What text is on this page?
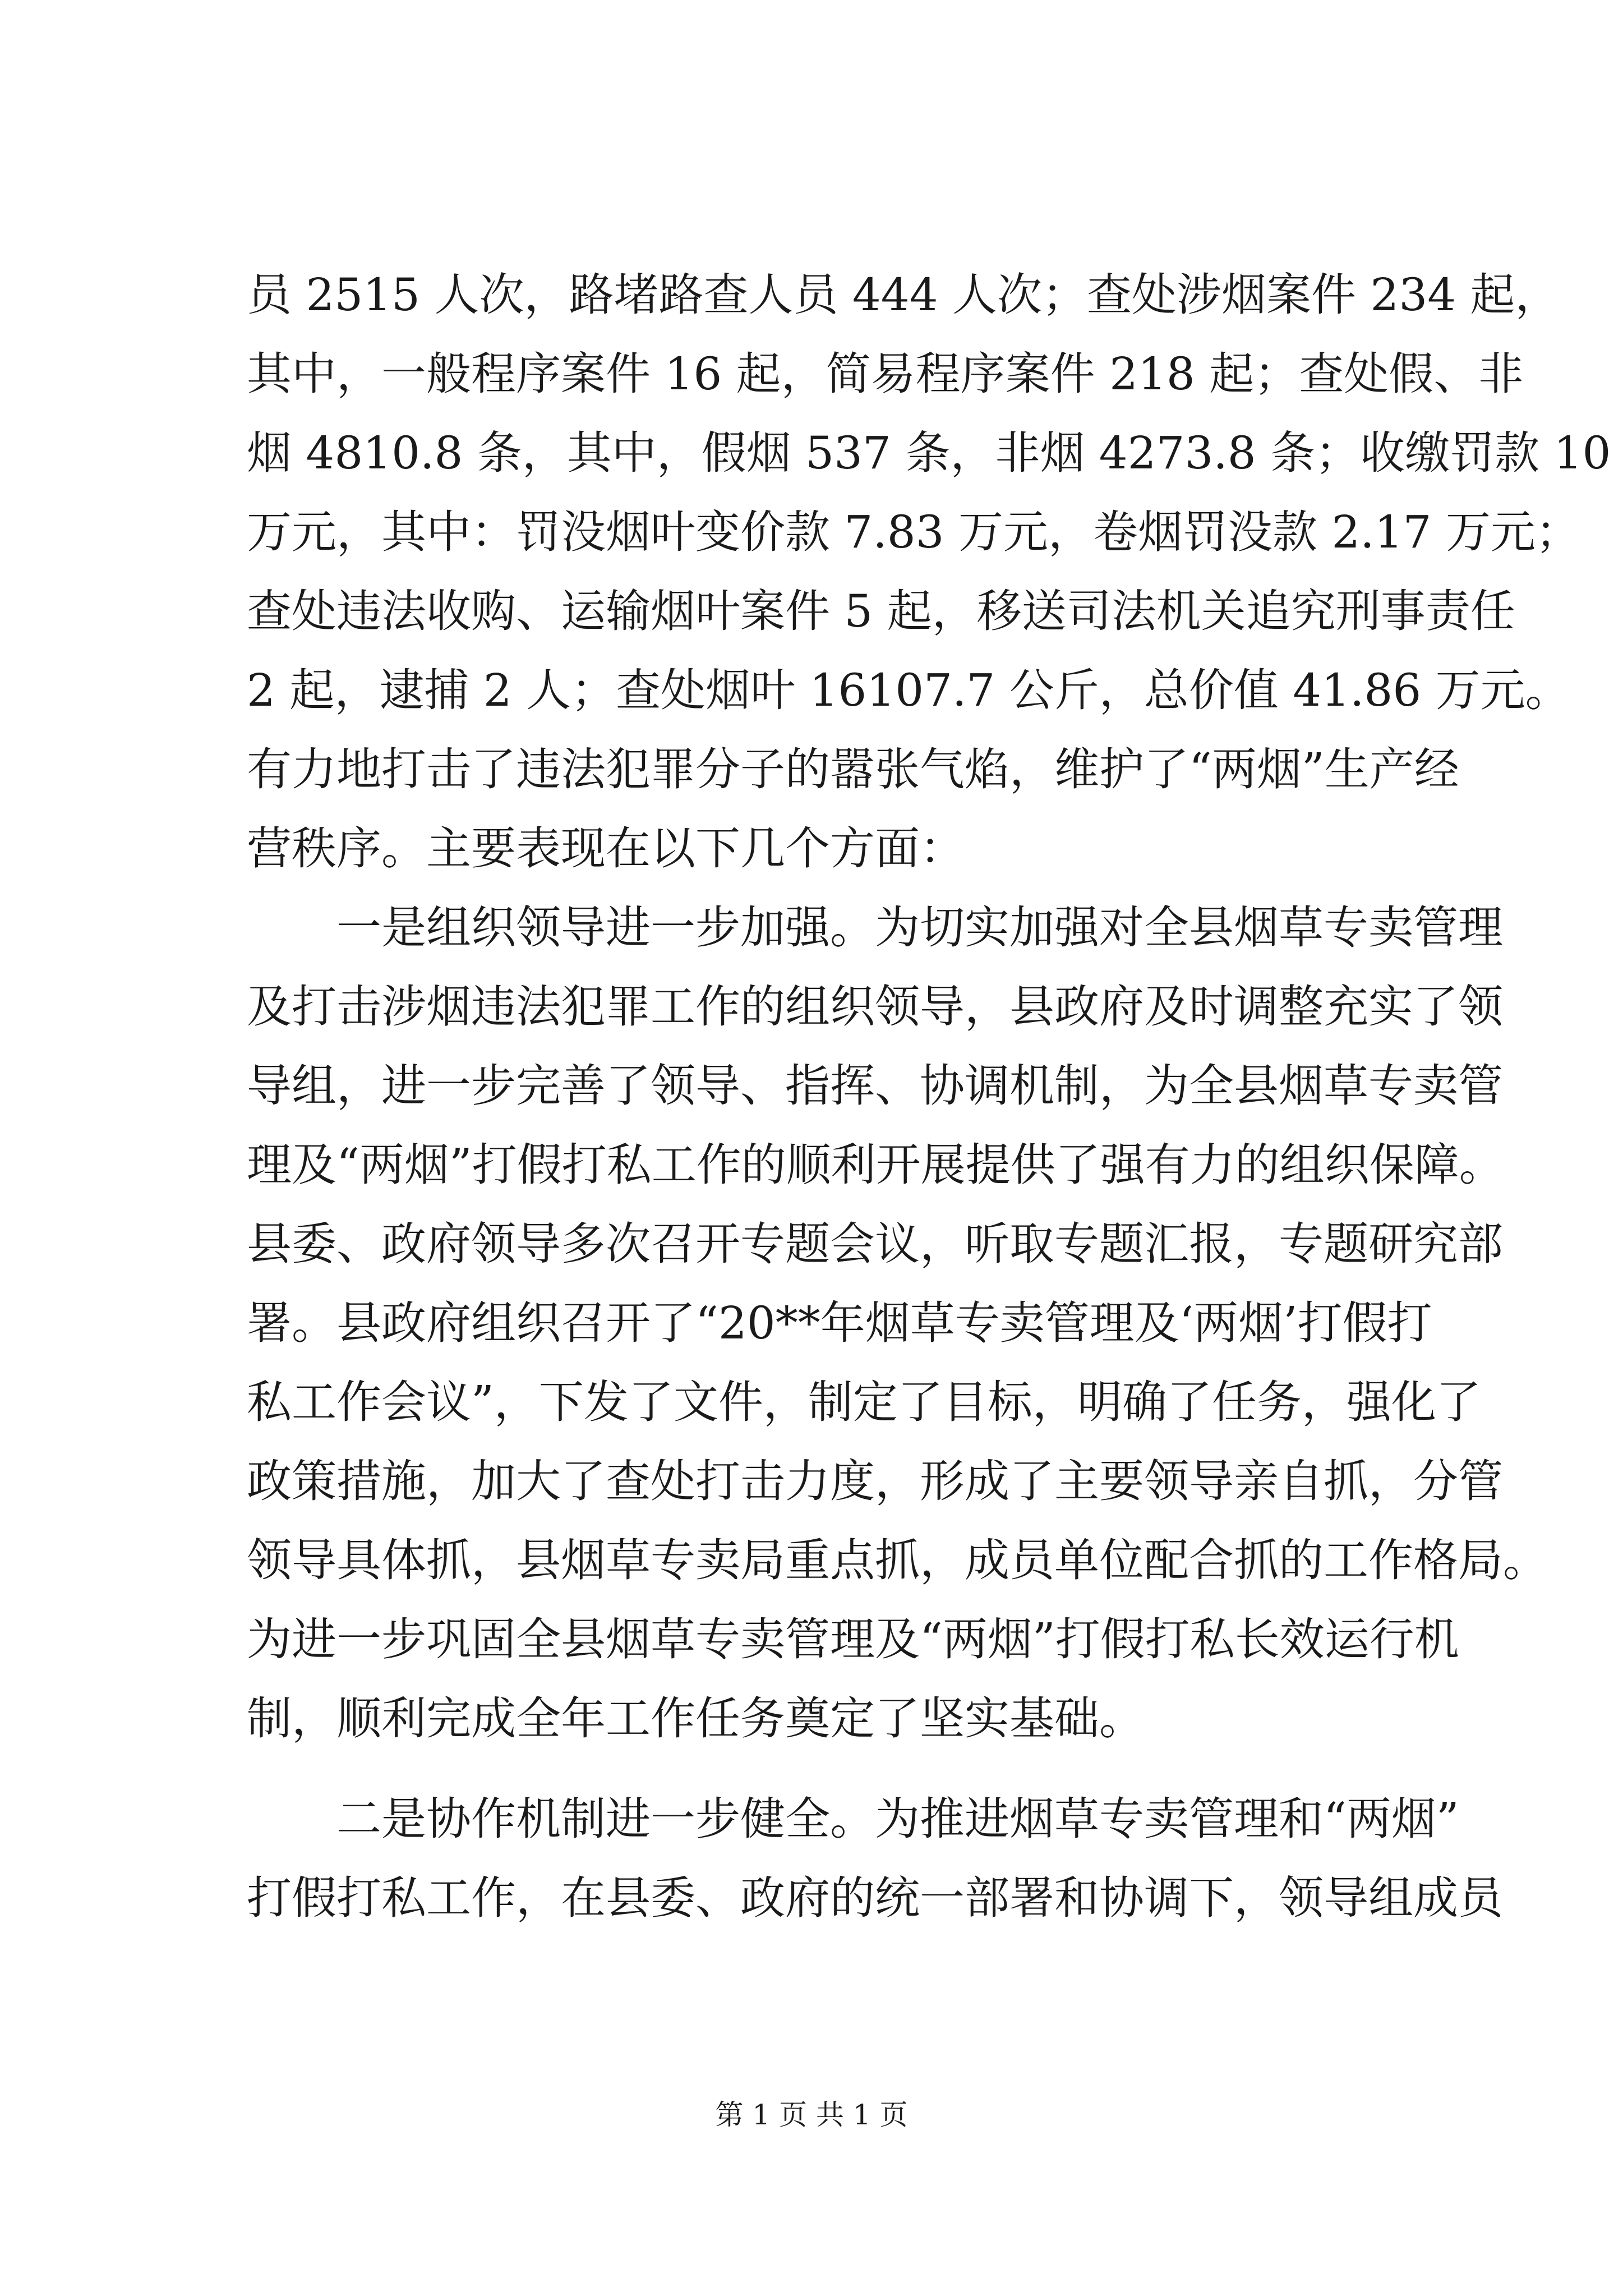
员 2515 人次，路堵路查人员 444 人次；查处涉烟案件 234 起，
其中，一般程序案件 16 起，简易程序案件 218 起；查处假、非
烟 4810.8 条，其中，假烟 537 条，非烟 4273.8 条；收缴罚款 10
万元，其中：罚没烟叶变价款 7.83 万元，卷烟罚没款 2.17 万元；
查处违法收购、运输烟叶案件 5 起，移送司法机关追究刑事责任
2 起，逮捕 2 人；查处烟叶 16107.7 公斤，总价值 41.86 万元。
有力地打击了违法犯罪分子的嚣张气焰，维护了“两烟”生产经
营秩序。主要表现在以下几个方面：
　　一是组织领导进一步加强。为切实加强对全县烟草专卖管理
及打击涉烟违法犯罪工作的组织领导，县政府及时调整充实了领
导组，进一步完善了领导、指挥、协调机制，为全县烟草专卖管
理及“两烟”打假打私工作的顺利开展提供了强有力的组织保障。
县委、政府领导多次召开专题会议，听取专题汇报，专题研究部
署。县政府组织召开了“20**年烟草专卖管理及‘两烟’打假打
私工作会议”，下发了文件，制定了目标，明确了任务，强化了
政策措施，加大了查处打击力度，形成了主要领导亲自抓，分管
领导具体抓，县烟草专卖局重点抓，成员单位配合抓的工作格局。
为进一步巩固全县烟草专卖管理及“两烟”打假打私长效运行机
制，顺利完成全年工作任务奠定了坚实基础。
　　二是协作机制进一步健全。为推进烟草专卖管理和“两烟”
打假打私工作，在县委、政府的统一部署和协调下，领导组成员
第 1 页 共 1 页
